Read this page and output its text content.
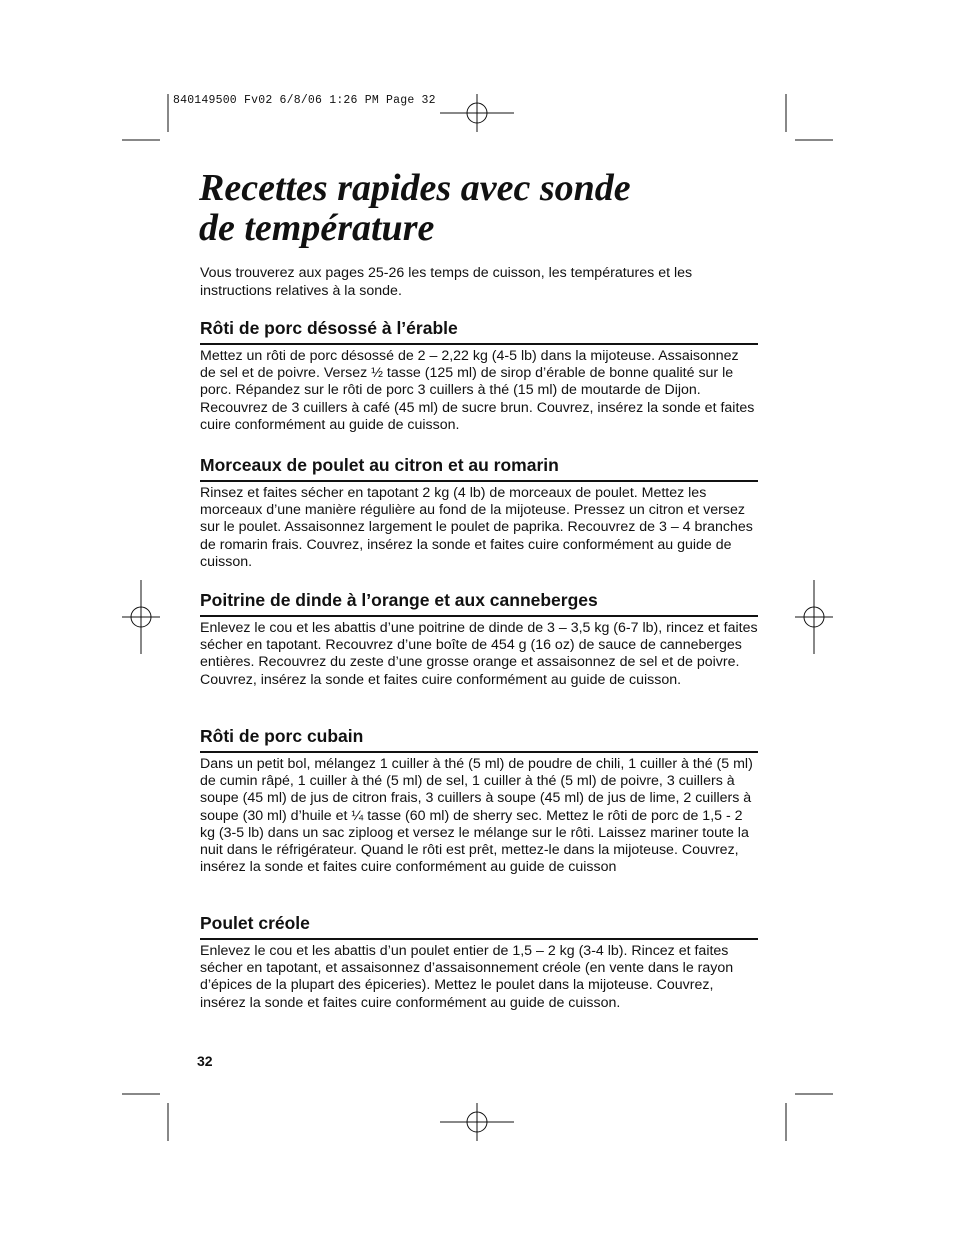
840149500 Fv02 6/8/06 1:26 PM Page 32
Recettes rapides avec sonde
de température

Vous trouverez aux pages 25-26 les temps de cuisson, les températures et les instructions relatives à la sonde.

Rôti de porc désossé à l’érable

Mettez un rôti de porc désossé de 2 – 2,22 kg (4-5 lb) dans la mijoteuse. Assaisonnez de sel et de poivre. Versez ½ tasse (125 ml) de sirop d’érable de bonne qualité sur le porc. Répandez sur le rôti de porc 3 cuillers à thé (15 ml) de moutarde de Dijon. Recouvrez de 3 cuillers à café (45 ml) de sucre brun. Couvrez, insérez la sonde et faites cuire conformément au guide de cuisson.

Morceaux de poulet au citron et au romarin

Rinsez et faites sécher en tapotant 2 kg (4 lb) de morceaux de poulet. Mettez les morceaux d’une manière régulière au fond de la mijoteuse. Pressez un citron et versez sur le poulet. Assaisonnez largement le poulet de paprika. Recouvrez de 3 – 4 branches de romarin frais. Couvrez, insérez la sonde et faites cuire conformément au guide de cuisson.

Poitrine de dinde à l’orange et aux canneberges

Enlevez le cou et les abattis d’une poitrine de dinde de 3 – 3,5 kg (6-7 lb), rincez et faites sécher en tapotant. Recouvrez d’une boîte de 454 g (16 oz) de sauce de canneberges entières. Recouvrez du zeste d’une grosse orange et assaisonnez de sel et de poivre. Couvrez, insérez la sonde et faites cuire conformément au guide de cuisson.

Rôti de porc cubain

Dans un petit bol, mélangez 1 cuiller à thé (5 ml) de poudre de chili, 1 cuiller à thé (5 ml) de cumin râpé, 1 cuiller à thé (5 ml) de sel, 1 cuiller à thé (5 ml) de poivre, 3 cuillers à soupe (45 ml) de jus de citron frais, 3 cuillers à soupe (45 ml) de jus de lime, 2 cuillers à soupe (30 ml) d’huile et ¼ tasse (60 ml) de sherry sec. Mettez le rôti de porc de 1,5 - 2 kg (3-5 lb) dans un sac ziploog et versez le mélange sur le rôti. Laissez mariner toute la nuit dans le réfrigérateur. Quand le rôti est prêt, mettez-le dans la mijoteuse. Couvrez, insérez la sonde et faites cuire conformément au guide de cuisson

Poulet créole

Enlevez le cou et les abattis d’un poulet entier de 1,5 – 2 kg (3-4 lb). Rincez et faites sécher en tapotant, et assaisonnez d’assaisonnement créole (en vente dans le rayon d’épices de la plupart des épiceries). Mettez le poulet dans la mijoteuse. Couvrez, insérez la sonde et faites cuire conformément au guide de cuisson.

32
